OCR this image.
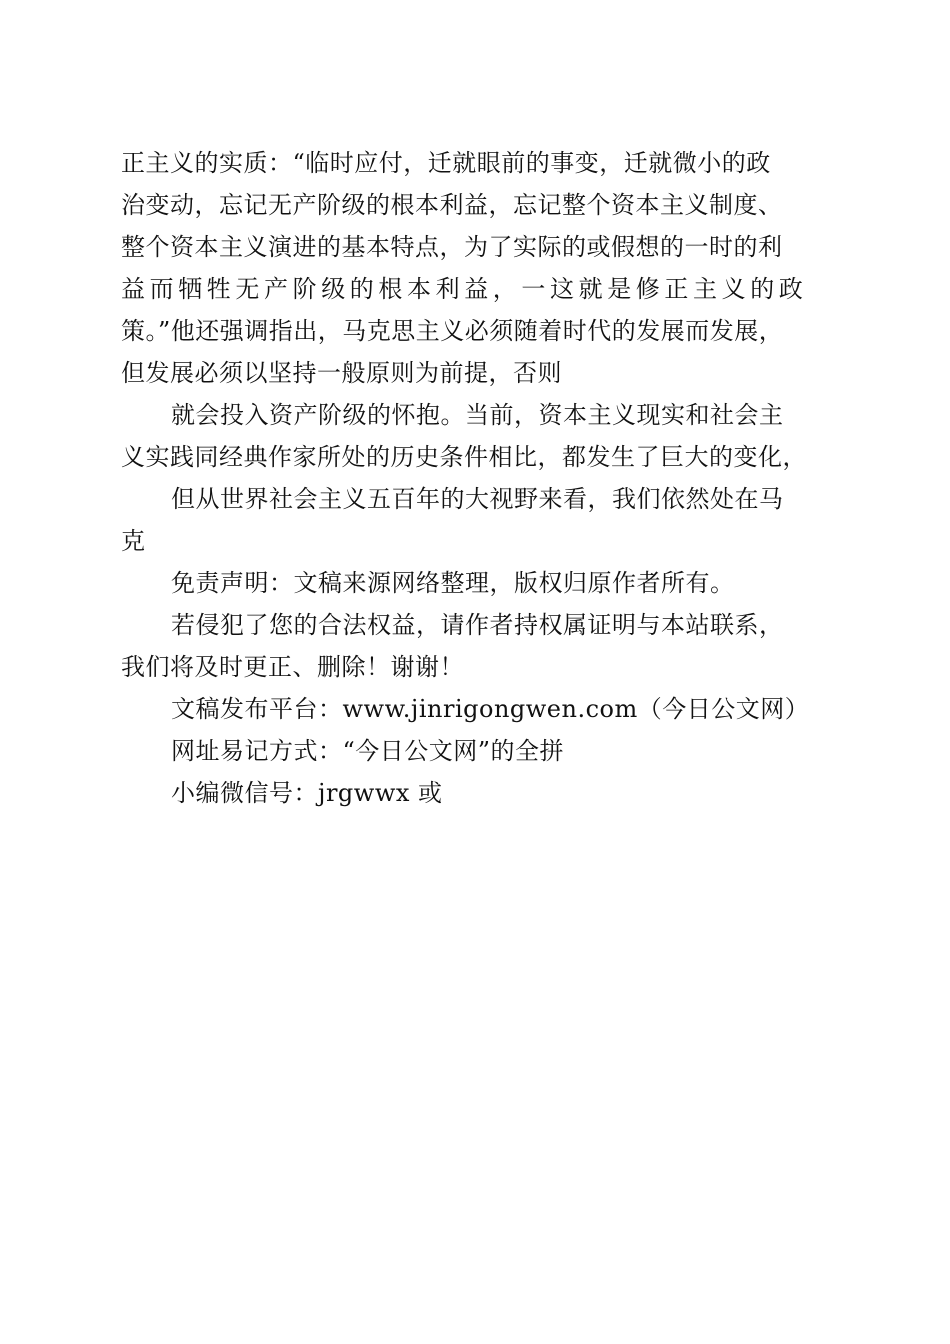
正主义的实质：“临时应付，迁就眼前的事变，迁就微小的政
治变动，忘记无产阶级的根本利益，忘记整个资本主义制度、
整个资本主义演进的基本特点，为了实际的或假想的一时的利
益而牺牲无产阶级的根本利益，一这就是修正主义的政
策。”他还强调指出，马克思主义必须随着时代的发展而发展，
但发展必须以坚持一般原则为前提，否则
就会投入资产阶级的怀抱。当前，资本主义现实和社会主
义实践同经典作家所处的历史条件相比，都发生了巨大的变化，
但从世界社会主义五百年的大视野来看，我们依然处在马
克
免责声明：文稿来源网络整理，版权归原作者所有。
若侵犯了您的合法权益，请作者持权属证明与本站联系，
我们将及时更正、删除！谢谢！
文稿发布平台：www.jinrigongwen.com（今日公文网）
网址易记方式：“今日公文网”的全拼
小编微信号：jrgwwx 或
